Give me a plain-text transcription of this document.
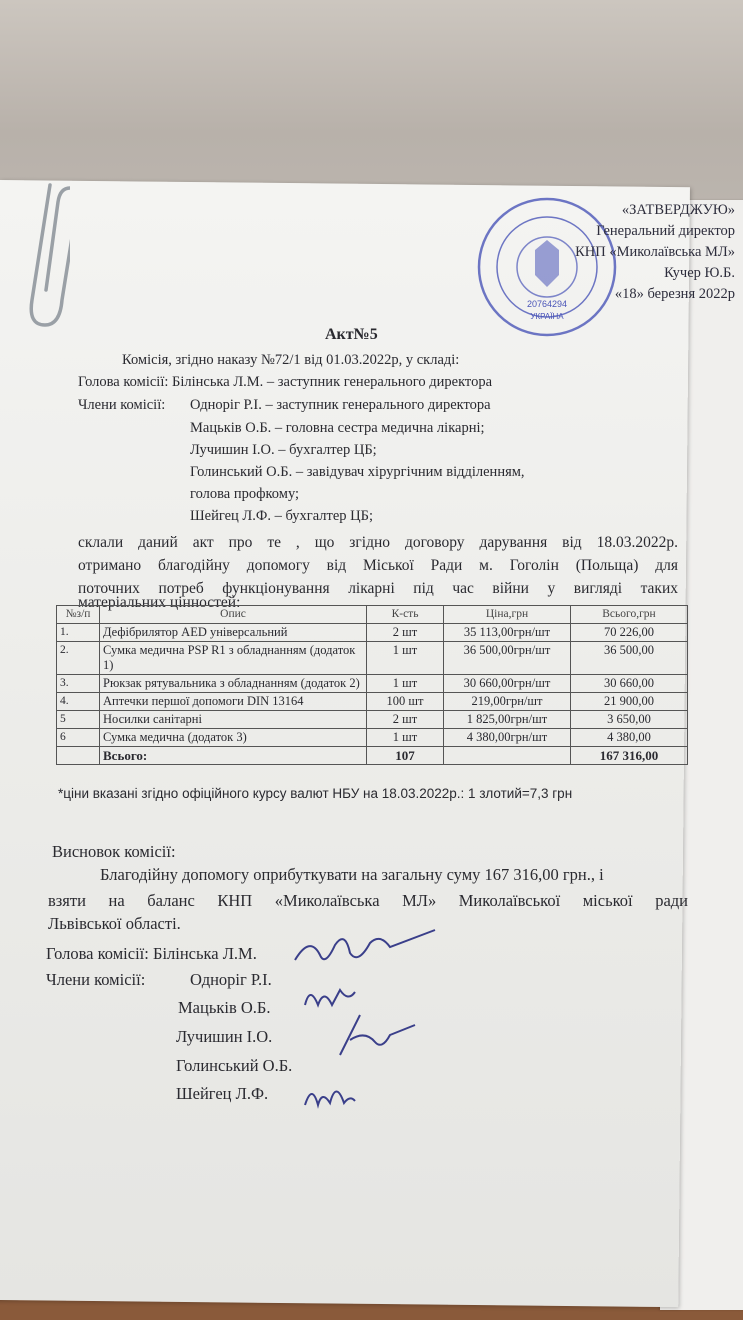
20764294
УКРАЇНА
«ЗАТВЕРДЖУЮ»
Генеральний директор
КНП «Миколаївська МЛ»
Кучер Ю.Б.
«18» березня 2022р
Акт№5
Комісія, згідно наказу №72/1 від 01.03.2022р, у складі:
Голова комісії: Білінська Л.М. – заступник генерального директора
Члени комісії: Одноріг Р.І. – заступник генерального директора
Мацьків О.Б. – головна сестра медична лікарні;
Лучишин І.О. – бухгалтер ЦБ;
Голинський О.Б. – завідувач хірургічним відділенням,
голова профкому;
Шейгец Л.Ф. – бухгалтер ЦБ;
склали даний акт про те , що згідно договору дарування від 18.03.2022р.
отримано благодійну допомогу від Міської Ради м. Гоголін (Польща) для
поточних потреб функціонування лікарні під час війни у вигляді таких
матеріальних цінностей:
№з/п	Опис	К-сть	Ціна,грн	Всього,грн
1.	Дефібрилятор AED універсальний	2 шт	35 113,00грн/шт	70 226,00
2.	Сумка медична PSP R1 з обладнанням (додаток 1)	1 шт	36 500,00грн/шт	36 500,00
3.	Рюкзак рятувальника з обладнанням (додаток 2)	1 шт	30 660,00грн/шт	30 660,00
4.	Аптечки першої допомоги DIN 13164	100 шт	219,00грн/шт	21 900,00
5	Носилки санітарні	2 шт	1 825,00грн/шт	3 650,00
6	Сумка медична (додаток 3)	1 шт	4 380,00грн/шт	4 380,00
	Всього:	107		167 316,00
*ціни вказані згідно офіційного курсу валют НБУ на 18.03.2022р.: 1 злотий=7,3 грн
Висновок комісії:
Благодійну допомогу оприбуткувати на загальну суму 167 316,00 грн., і
взяти на баланс КНП «Миколаївська МЛ» Миколаївської міської ради
Львівської області.
Голова комісії: Білінська Л.М.
Члени комісії:	Одноріг Р.І.
Мацьків О.Б.
Лучишин І.О.
Голинський О.Б.
Шейгец Л.Ф.
